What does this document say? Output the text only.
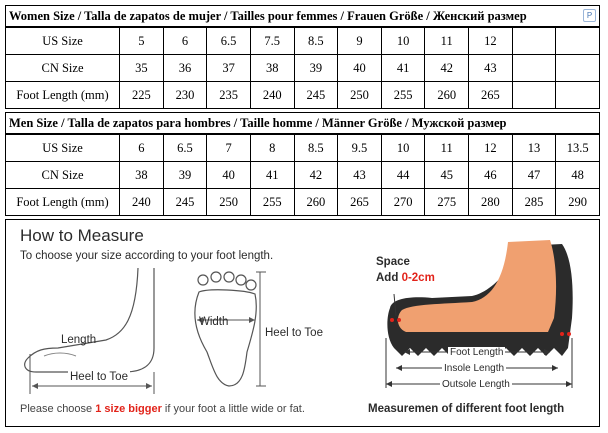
Women Size / Talla de zapatos de mujer / Tailles pour femmes / Frauen Größe / Женский размер	P
US Size	5	6	6.5	7.5	8.5	9	10	11	12		
CN Size	35	36	37	38	39	40	41	42	43		
Foot Length (mm)	225	230	235	240	245	250	255	260	265		
Men Size / Talla de zapatos para hombres / Taille homme / Männer Größe / Мужской размер
US Size	6	6.5	7	8	8.5	9.5	10	11	12	13	13.5
CN Size	38	39	40	41	42	43	44	45	46	47	48
Foot Length (mm)	240	245	250	255	260	265	270	275	280	285	290
How to Measure
To choose your size according to your foot length.
Length
Heel to Toe
Width
Heel to Toe
Space
Add 0-2cm
Foot Length
Insole Length
Outsole Length
Please choose 1 size bigger if your foot a little wide or fat.	Measuremen of different foot length
